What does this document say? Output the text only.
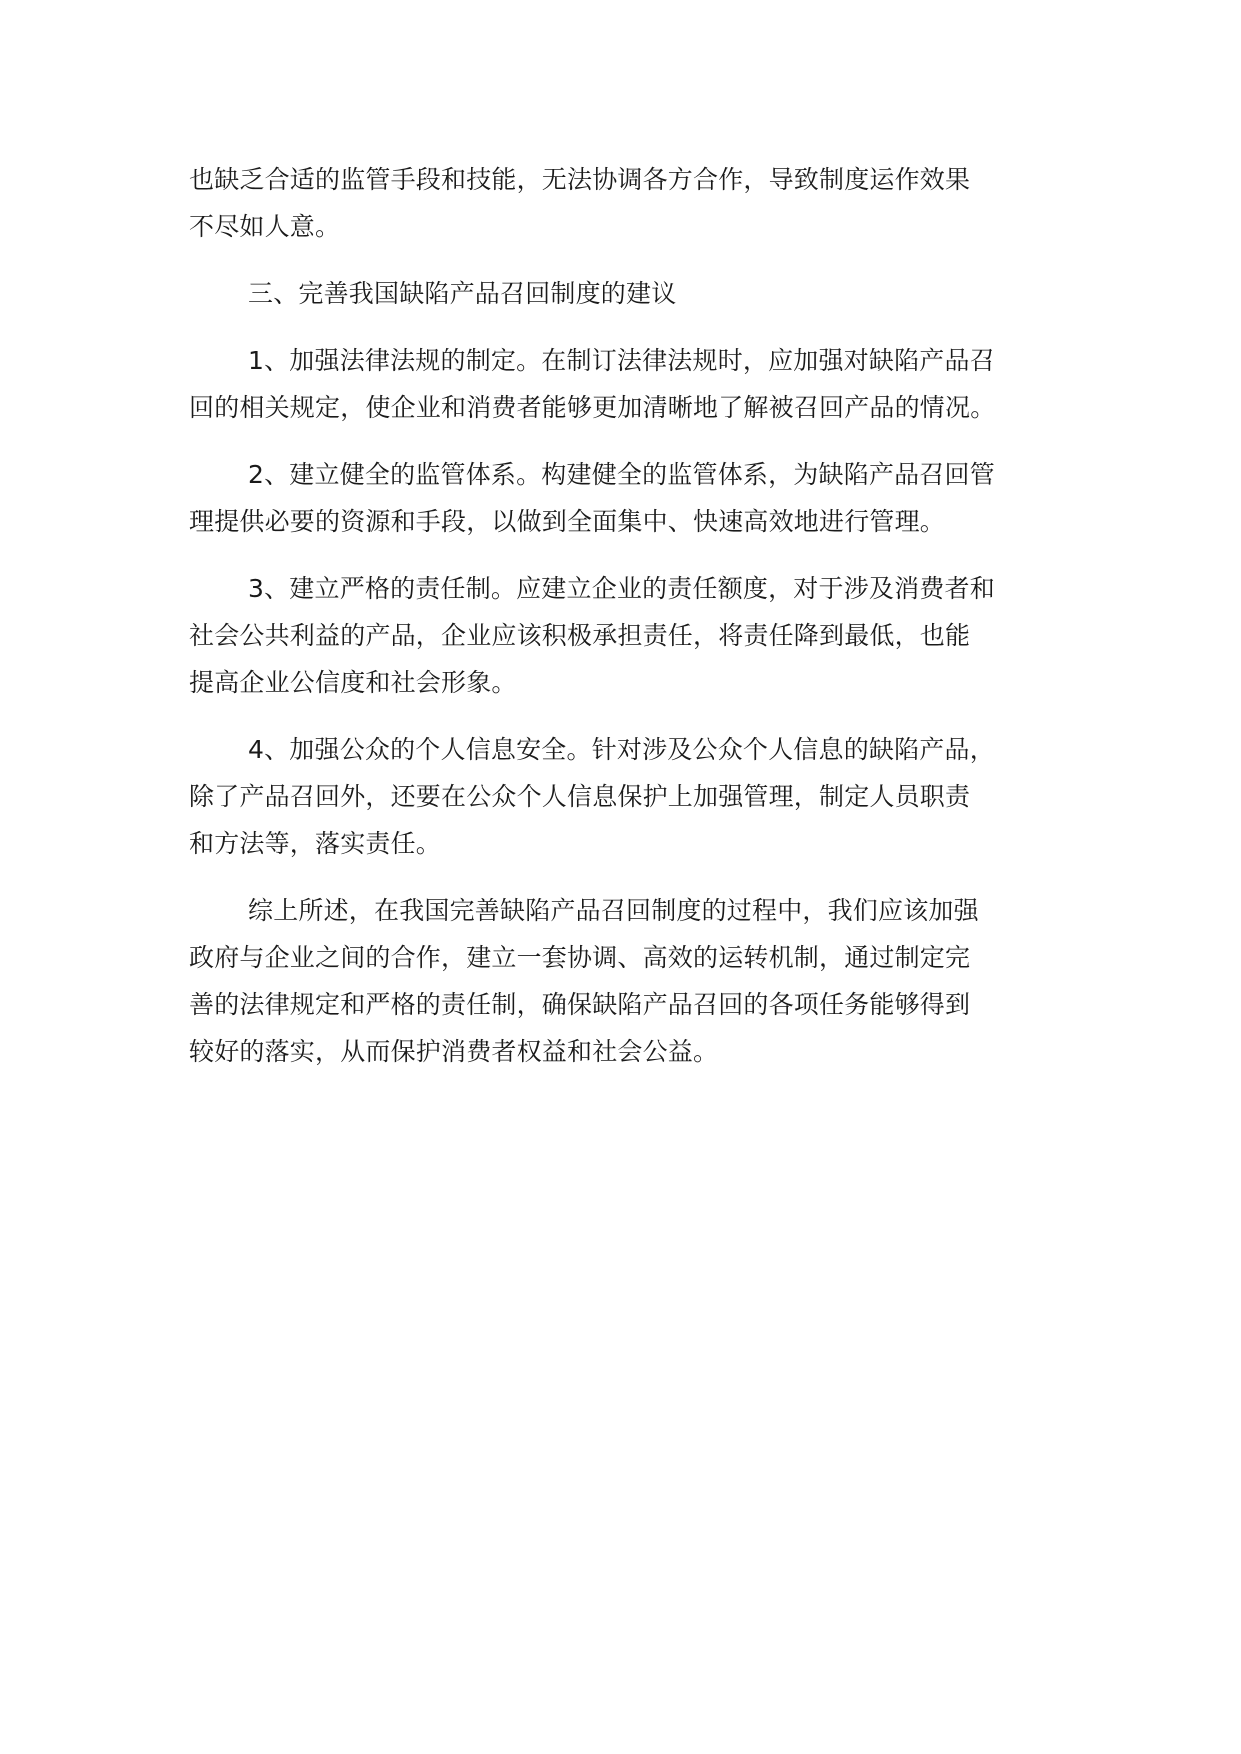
也缺乏合适的监管手段和技能，无法协调各方合作，导致制度运作效果
不尽如人意。

三、完善我国缺陷产品召回制度的建议

1、加强法律法规的制定。在制订法律法规时，应加强对缺陷产品召
回的相关规定，使企业和消费者能够更加清晰地了解被召回产品的情况。

2、建立健全的监管体系。构建健全的监管体系，为缺陷产品召回管
理提供必要的资源和手段，以做到全面集中、快速高效地进行管理。

3、建立严格的责任制。应建立企业的责任额度，对于涉及消费者和
社会公共利益的产品，企业应该积极承担责任，将责任降到最低，也能
提高企业公信度和社会形象。

4、加强公众的个人信息安全。针对涉及公众个人信息的缺陷产品，
除了产品召回外，还要在公众个人信息保护上加强管理，制定人员职责
和方法等，落实责任。

综上所述，在我国完善缺陷产品召回制度的过程中，我们应该加强
政府与企业之间的合作，建立一套协调、高效的运转机制，通过制定完
善的法律规定和严格的责任制，确保缺陷产品召回的各项任务能够得到
较好的落实，从而保护消费者权益和社会公益。
